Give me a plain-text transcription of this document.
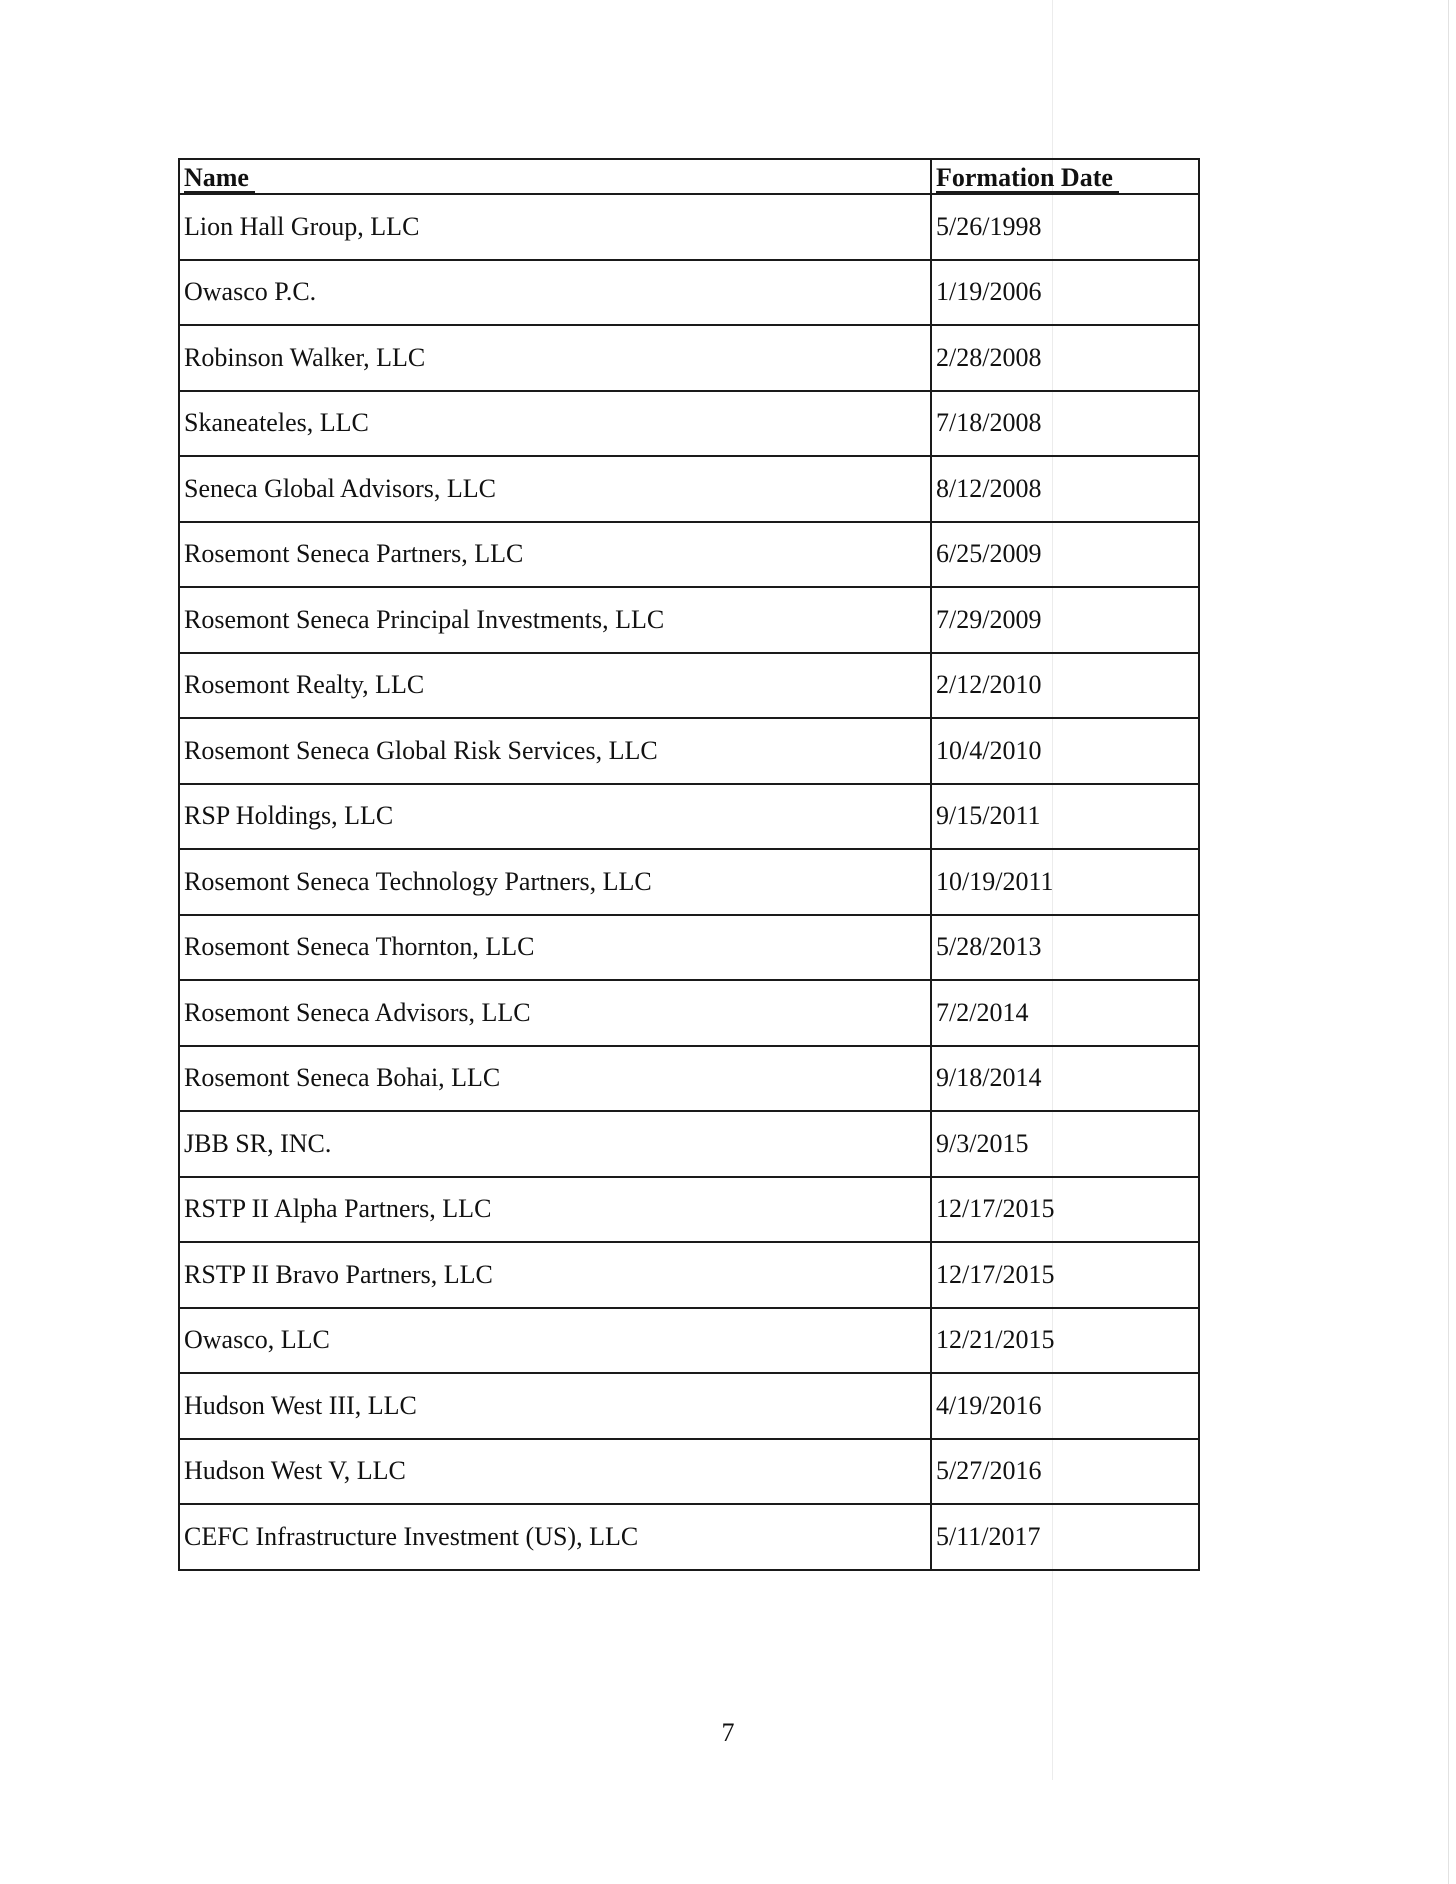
Name	Formation Date
Lion Hall Group, LLC	5/26/1998
Owasco P.C.	1/19/2006
Robinson Walker, LLC	2/28/2008
Skaneateles, LLC	7/18/2008
Seneca Global Advisors, LLC	8/12/2008
Rosemont Seneca Partners, LLC	6/25/2009
Rosemont Seneca Principal Investments, LLC	7/29/2009
Rosemont Realty, LLC	2/12/2010
Rosemont Seneca Global Risk Services, LLC	10/4/2010
RSP Holdings, LLC	9/15/2011
Rosemont Seneca Technology Partners, LLC	10/19/2011
Rosemont Seneca Thornton, LLC	5/28/2013
Rosemont Seneca Advisors, LLC	7/2/2014
Rosemont Seneca Bohai, LLC	9/18/2014
JBB SR, INC.	9/3/2015
RSTP II Alpha Partners, LLC	12/17/2015
RSTP II Bravo Partners, LLC	12/17/2015
Owasco, LLC	12/21/2015
Hudson West III, LLC	4/19/2016
Hudson West V, LLC	5/27/2016
CEFC Infrastructure Investment (US), LLC	5/11/2017
7
